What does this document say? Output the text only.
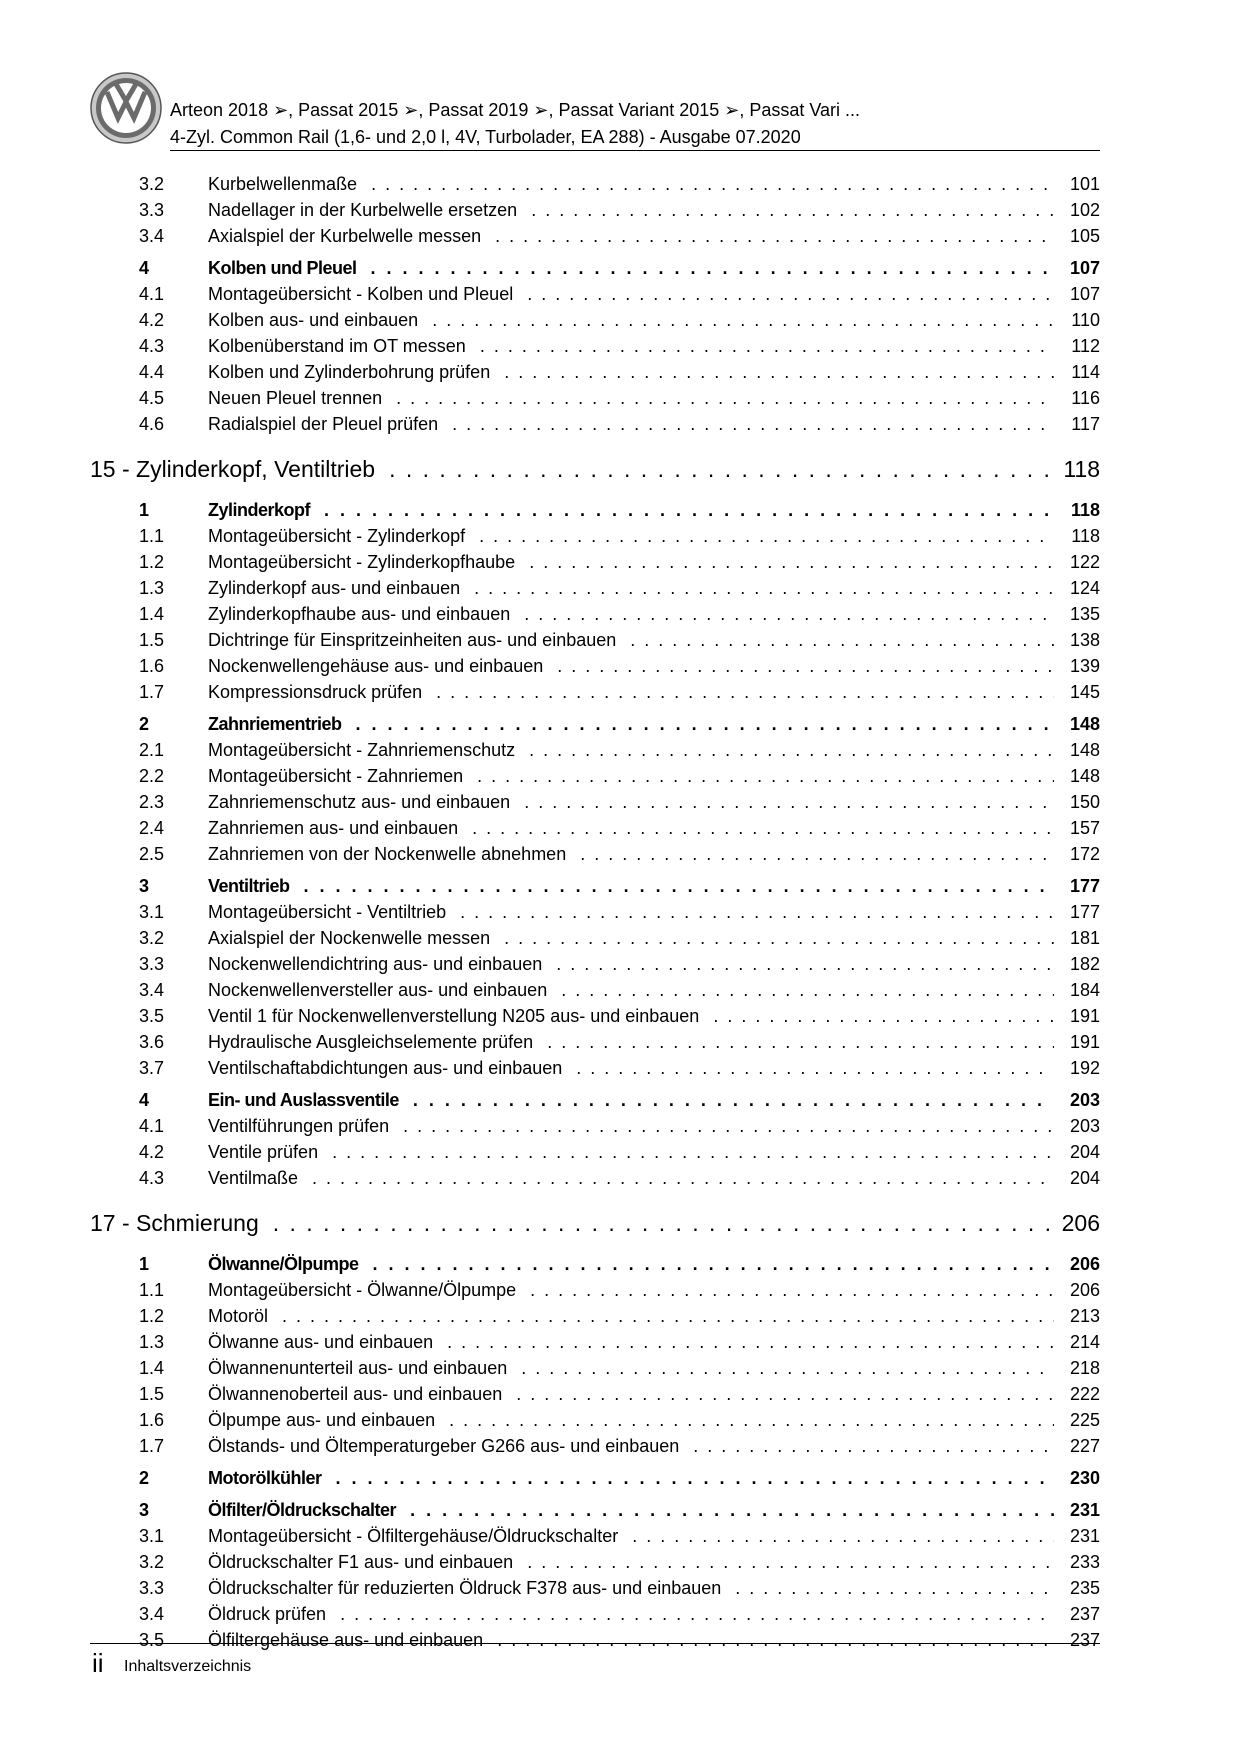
Arteon 2018 ➢, Passat 2015 ➢, Passat 2019 ➢, Passat Variant 2015 ➢, Passat Vari ...
4-Zyl. Common Rail (1,6- und 2,0 l, 4V, Turbolader, EA 288) - Ausgabe 07.2020
3.2 Kurbelwellenmaße . . .	101
3.3 Nadellager in der Kurbelwelle ersetzen . . .	102
3.4 Axialspiel der Kurbelwelle messen . . .	105
4	Kolben und Pleuel . . .	107
4.1 Montageübersicht - Kolben und Pleuel . . .	107
4.2 Kolben aus- und einbauen . . .	110
4.3 Kolbenüberstand im OT messen . . .	112
4.4 Kolben und Zylinderbohrung prüfen . . .	114
4.5 Neuen Pleuel trennen . . .	116
4.6 Radialspiel der Pleuel prüfen . . .	117
15 - Zylinderkopf, Ventiltrieb . . .	118
1	Zylinderkopf . . .	118
1.1 Montageübersicht - Zylinderkopf . . .	118
1.2 Montageübersicht - Zylinderkopfhaube . . .	122
1.3 Zylinderkopf aus- und einbauen . . .	124
1.4 Zylinderkopfhaube aus- und einbauen . . .	135
1.5 Dichtringe für Einspritzeinheiten aus- und einbauen . . .	138
1.6 Nockenwellengehäuse aus- und einbauen . . .	139
1.7 Kompressionsdruck prüfen . . .	145
2	Zahnriementrieb . . .	148
2.1 Montageübersicht - Zahnriemenschutz . . .	148
2.2 Montageübersicht - Zahnriemen . . .	148
2.3 Zahnriemenschutz aus- und einbauen . . .	150
2.4 Zahnriemen aus- und einbauen . . .	157
2.5 Zahnriemen von der Nockenwelle abnehmen . . .	172
3	Ventiltrieb . . .	177
3.1 Montageübersicht - Ventiltrieb . . .	177
3.2 Axialspiel der Nockenwelle messen . . .	181
3.3 Nockenwellendichtring aus- und einbauen . . .	182
3.4 Nockenwellenversteller aus- und einbauen . . .	184
3.5 Ventil 1 für Nockenwellenverstellung N205 aus- und einbauen . . .	191
3.6 Hydraulische Ausgleichselemente prüfen . . .	191
3.7 Ventilschaftabdichtungen aus- und einbauen . . .	192
4	Ein- und Auslassventile . . .	203
4.1 Ventilführungen prüfen . . .	203
4.2 Ventile prüfen . . .	204
4.3 Ventilmaße . . .	204
17 - Schmierung . . .	206
1	Ölwanne/Ölpumpe . . .	206
1.1 Montageübersicht - Ölwanne/Ölpumpe . . .	206
1.2 Motoröl . . .	213
1.3 Ölwanne aus- und einbauen . . .	214
1.4 Ölwannenunterteil aus- und einbauen . . .	218
1.5 Ölwannenoberteil aus- und einbauen . . .	222
1.6 Ölpumpe aus- und einbauen . . .	225
1.7 Ölstands- und Öltemperaturgeber G266 aus- und einbauen . . .	227
2	Motorölkühler . . .	230
3	Ölfilter/Öldruckschalter . . .	231
3.1 Montageübersicht - Ölfiltergehäuse/Öldruckschalter . . .	231
3.2 Öldruckschalter F1 aus- und einbauen . . .	233
3.3 Öldruckschalter für reduzierten Öldruck F378 aus- und einbauen . . .	235
3.4 Öldruck prüfen . . .	237
3.5 Ölfiltergehäuse aus- und einbauen . . .	237
ii Inhaltsverzeichnis
